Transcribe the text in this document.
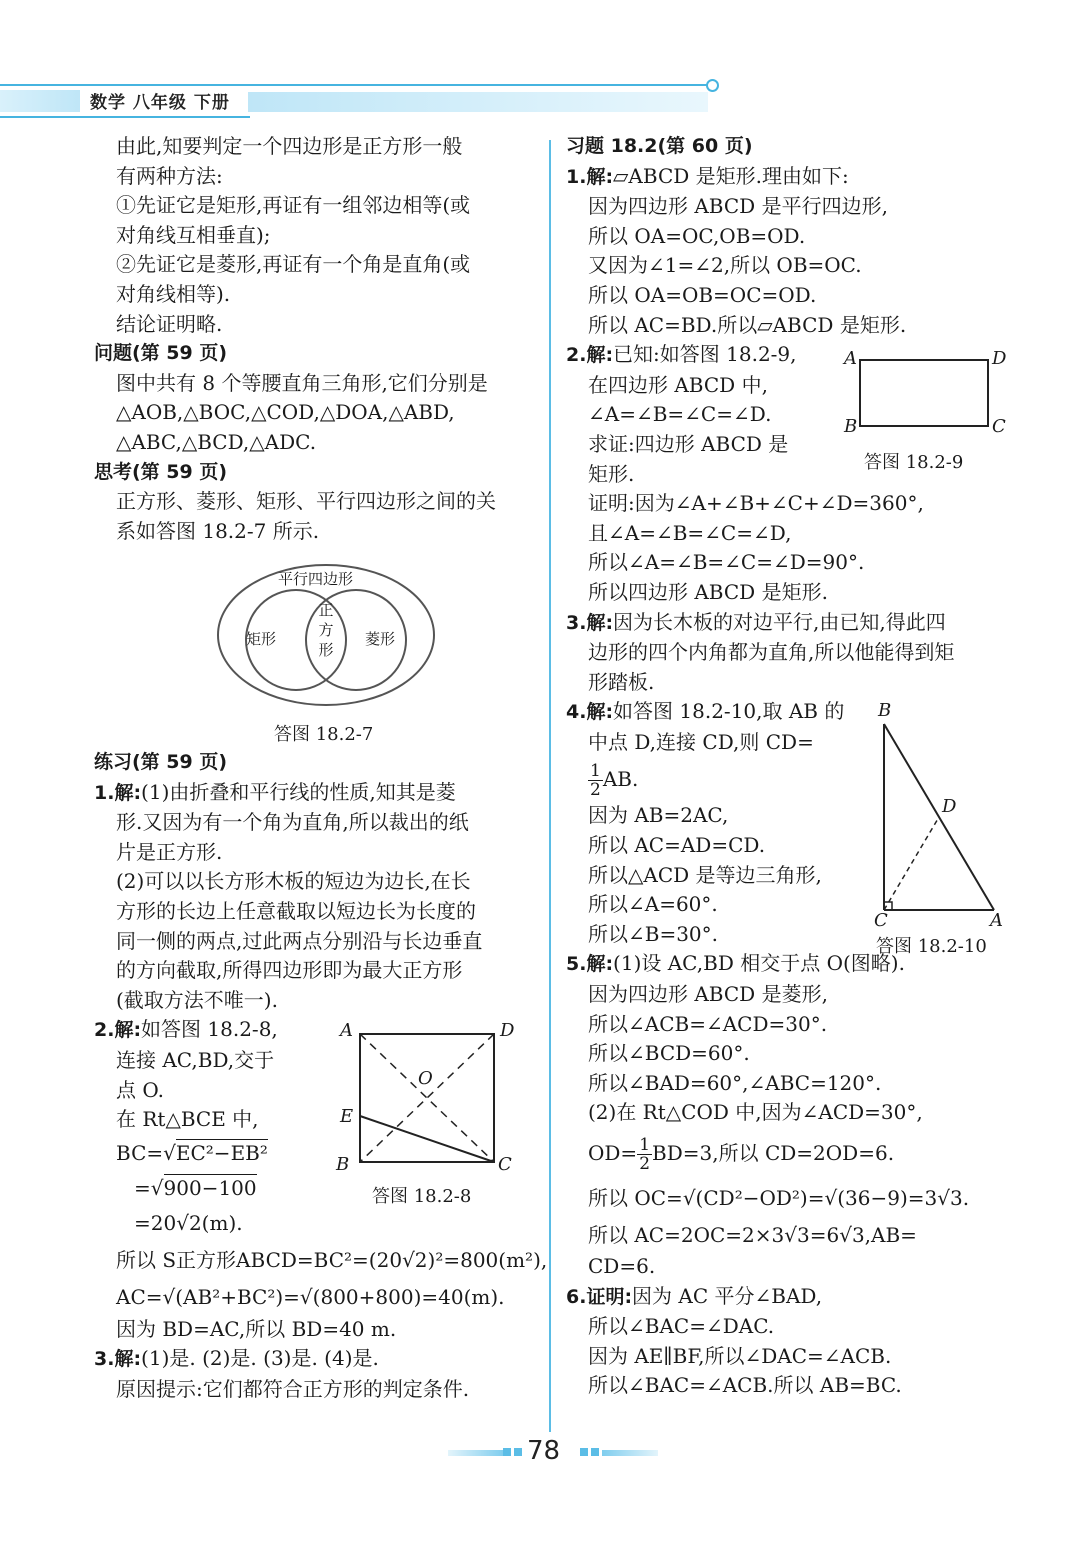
数学 八年级 下册
由此,知要判定一个四边形是正方形一般
有两种方法:
①先证它是矩形,再证有一组邻边相等(或
对角线互相垂直);
②先证它是菱形,再证有一个角是直角(或
对角线相等).
结论证明略.
问题(第 59 页)
图中共有 8 个等腰直角三角形,它们分别是
△AOB,△BOC,△COD,△DOA,△ABD,
△ABC,△BCD,△ADC.
思考(第 59 页)
正方形、菱形、矩形、平行四边形之间的关
系如答图 18.2-7 所示.
平行四边形
矩形	菱形
正方形
答图 18.2-7
练习(第 59 页)
1.解:(1)由折叠和平行线的性质,知其是菱
形.又因为有一个角为直角,所以裁出的纸
片是正方形.
(2)可以以长方形木板的短边为边长,在长
方形的长边上任意截取以短边长为长度的
同一侧的两点,过此两点分别沿与长边垂直
的方向截取,所得四边形即为最大正方形
(截取方法不唯一).
2.解:如答图 18.2-8,
连接 AC,BD,交于
点 O.
在 Rt△BCE 中,
BC=√EC²−EB²
=√900−100
=20√2(m).
所以 S正方形ABCD=BC²=(20√2)²=800(m²),
AC=√(AB²+BC²)=√(800+800)=40(m).
因为 BD=AC,所以 BD=40 m.
3.解:(1)是. (2)是. (3)是. (4)是.
原因提示:它们都符合正方形的判定条件.
A	D
O
E
B	C
答图 18.2-8
习题 18.2(第 60 页)
1.解:▱ABCD 是矩形.理由如下:
因为四边形 ABCD 是平行四边形,
所以 OA=OC,OB=OD.
又因为∠1=∠2,所以 OB=OC.
所以 OA=OB=OC=OD.
所以 AC=BD.所以▱ABCD 是矩形.
2.解:已知:如答图 18.2-9,
在四边形 ABCD 中,
∠A=∠B=∠C=∠D.
求证:四边形 ABCD 是
矩形.
证明:因为∠A+∠B+∠C+∠D=360°,
且∠A=∠B=∠C=∠D,
所以∠A=∠B=∠C=∠D=90°.
所以四边形 ABCD 是矩形.
3.解:因为长木板的对边平行,由已知,得此四
边形的四个内角都为直角,所以他能得到矩
形踏板.
4.解:如答图 18.2-10,取 AB 的
中点 D,连接 CD,则 CD=
$\frac{1}{2}$ AB.
因为 AB=2AC,
所以 AC=AD=CD.
所以△ACD 是等边三角形,
所以∠A=60°.
所以∠B=30°.
5.解:(1)设 AC,BD 相交于点 O(图略).
因为四边形 ABCD 是菱形,
所以∠ACB=∠ACD=30°.
所以∠BCD=60°.
所以∠BAD=60°,∠ABC=120°.
(2)在 Rt△COD 中,因为∠ACD=30°,
$OD= \frac{1}{2} BD=3$,所以 CD=2OD=6.
所以 OC=√(CD²−OD²)=√(36−9)=3√3.
所以 AC=2OC=2×3√3=6√3,AB=
CD=6.
6.证明:因为 AC 平分∠BAD,
所以∠BAC=∠DAC.
因为 AE∥BF,所以∠DAC=∠ACB.
所以∠BAC=∠ACB.所以 AB=BC.
A	D
B	C
答图 18.2-9
B
D
C	A
答图 18.2-10
78
